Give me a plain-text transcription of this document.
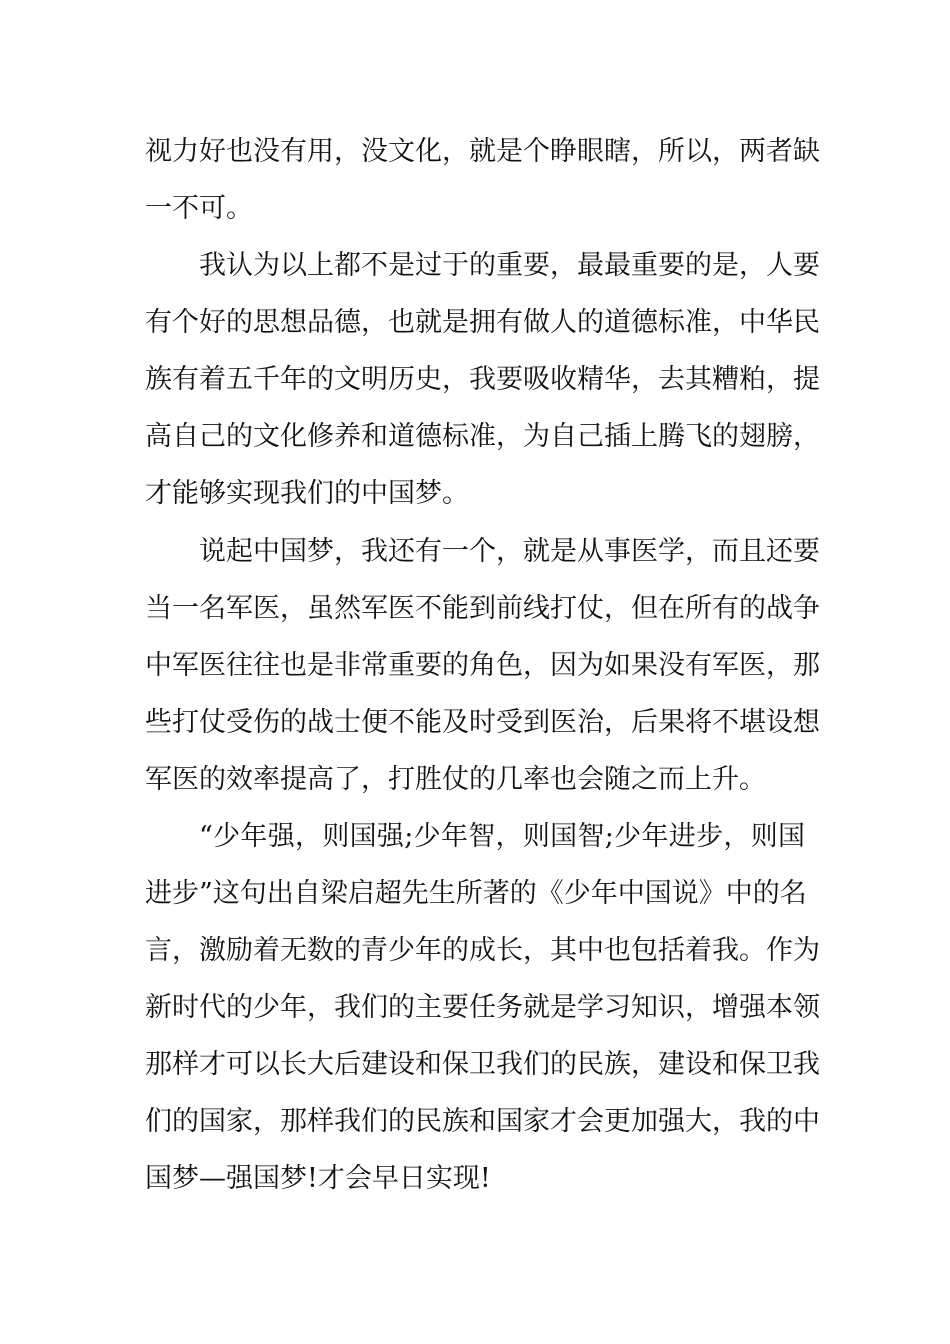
视力好也没有用，没文化，就是个睁眼瞎，所以，两者缺
一不可。
我认为以上都不是过于的重要，最最重要的是，人要
有个好的思想品德，也就是拥有做人的道德标准，中华民
族有着五千年的文明历史，我要吸收精华，去其糟粕，提
高自己的文化修养和道德标准，为自己插上腾飞的翅膀，
才能够实现我们的中国梦。
说起中国梦，我还有一个，就是从事医学，而且还要
当一名军医，虽然军医不能到前线打仗，但在所有的战争
中军医往往也是非常重要的角色，因为如果没有军医，那
些打仗受伤的战士便不能及时受到医治，后果将不堪设想
军医的效率提高了，打胜仗的几率也会随之而上升。
“少年强，则国强;少年智，则国智;少年进步，则国
进步”这句出自梁启超先生所著的《少年中国说》中的名
言，激励着无数的青少年的成长，其中也包括着我。作为
新时代的少年，我们的主要任务就是学习知识，增强本领
那样才可以长大后建设和保卫我们的民族，建设和保卫我
们的国家，那样我们的民族和国家才会更加强大，我的中
国梦—强国梦!才会早日实现!
